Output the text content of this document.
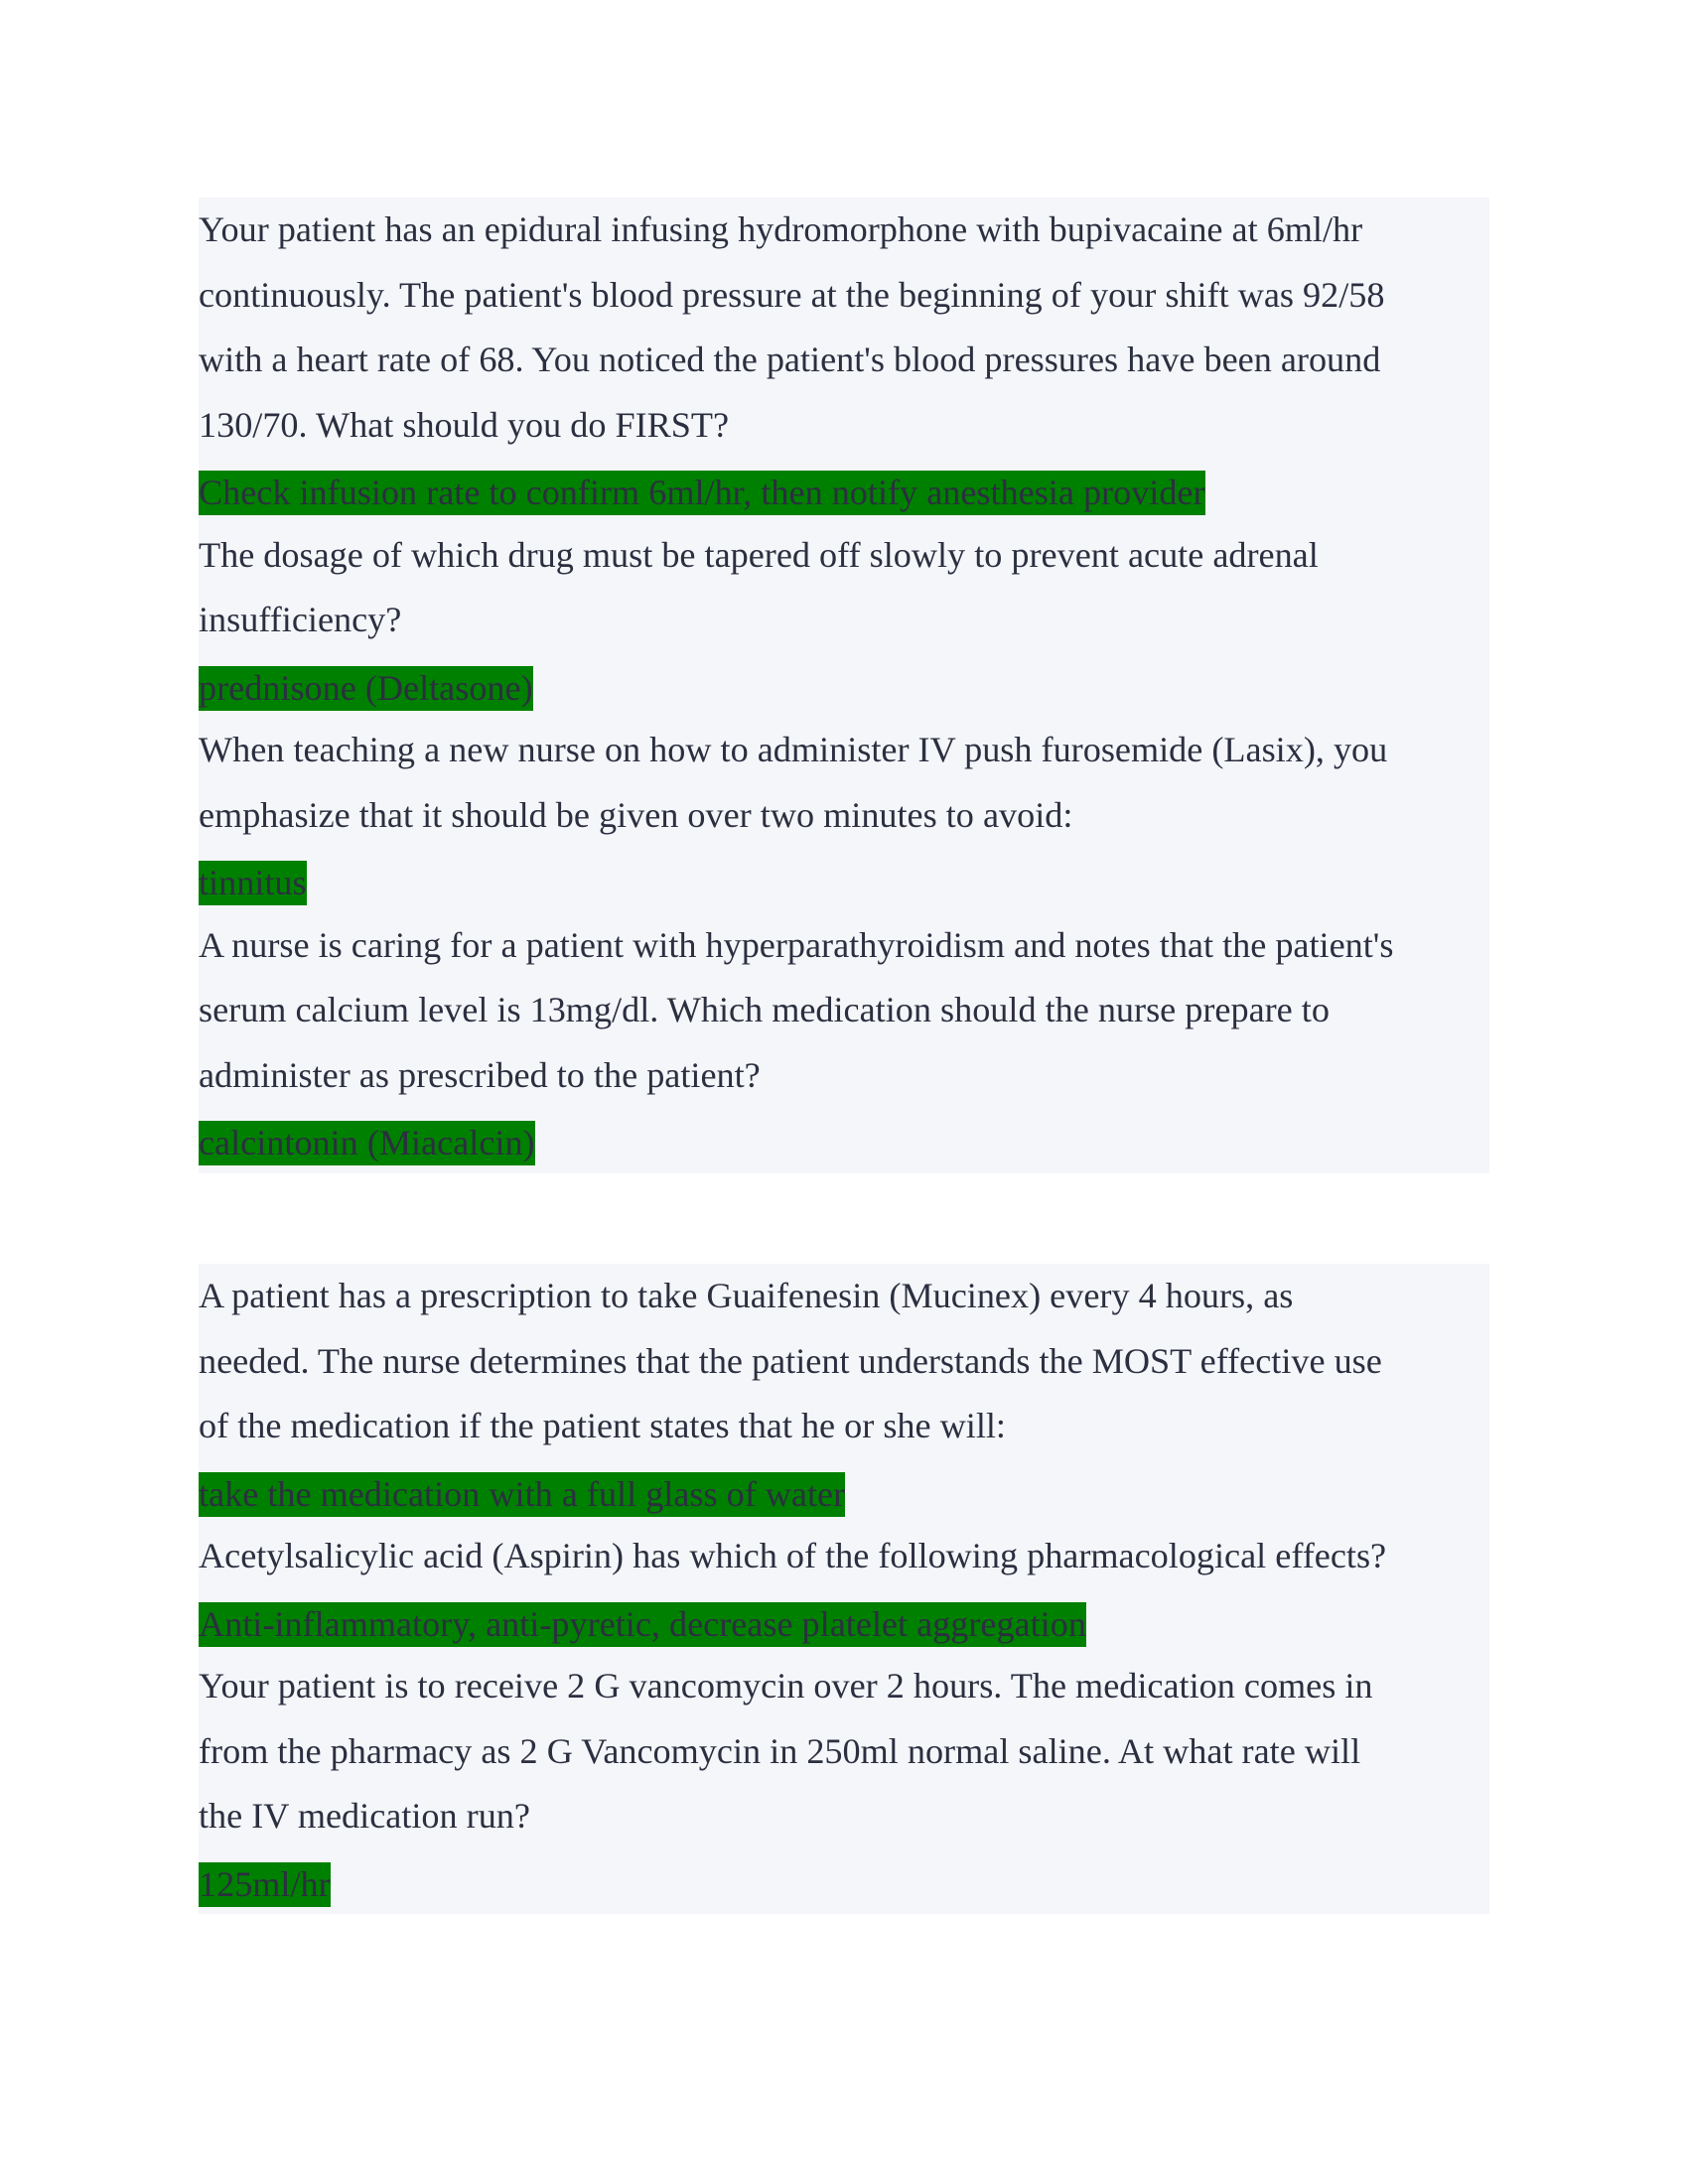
Your patient has an epidural infusing hydromorphone with bupivacaine at 6ml/hr
continuously. The patient's blood pressure at the beginning of your shift was 92/58
with a heart rate of 68. You noticed the patient's blood pressures have been around
130/70. What should you do FIRST?
Check infusion rate to confirm 6ml/hr, then notify anesthesia provider
The dosage of which drug must be tapered off slowly to prevent acute adrenal
insufficiency?
prednisone (Deltasone)
When teaching a new nurse on how to administer IV push furosemide (Lasix), you
emphasize that it should be given over two minutes to avoid:
tinnitus
A nurse is caring for a patient with hyperparathyroidism and notes that the patient's
serum calcium level is 13mg/dl. Which medication should the nurse prepare to
administer as prescribed to the patient?
calcintonin (Miacalcin)
A patient has a prescription to take Guaifenesin (Mucinex) every 4 hours, as
needed. The nurse determines that the patient understands the MOST effective use
of the medication if the patient states that he or she will:
take the medication with a full glass of water
Acetylsalicylic acid (Aspirin) has which of the following pharmacological effects?
Anti-inflammatory, anti-pyretic, decrease platelet aggregation
Your patient is to receive 2 G vancomycin over 2 hours. The medication comes in
from the pharmacy as 2 G Vancomycin in 250ml normal saline. At what rate will
the IV medication run?
125ml/hr
